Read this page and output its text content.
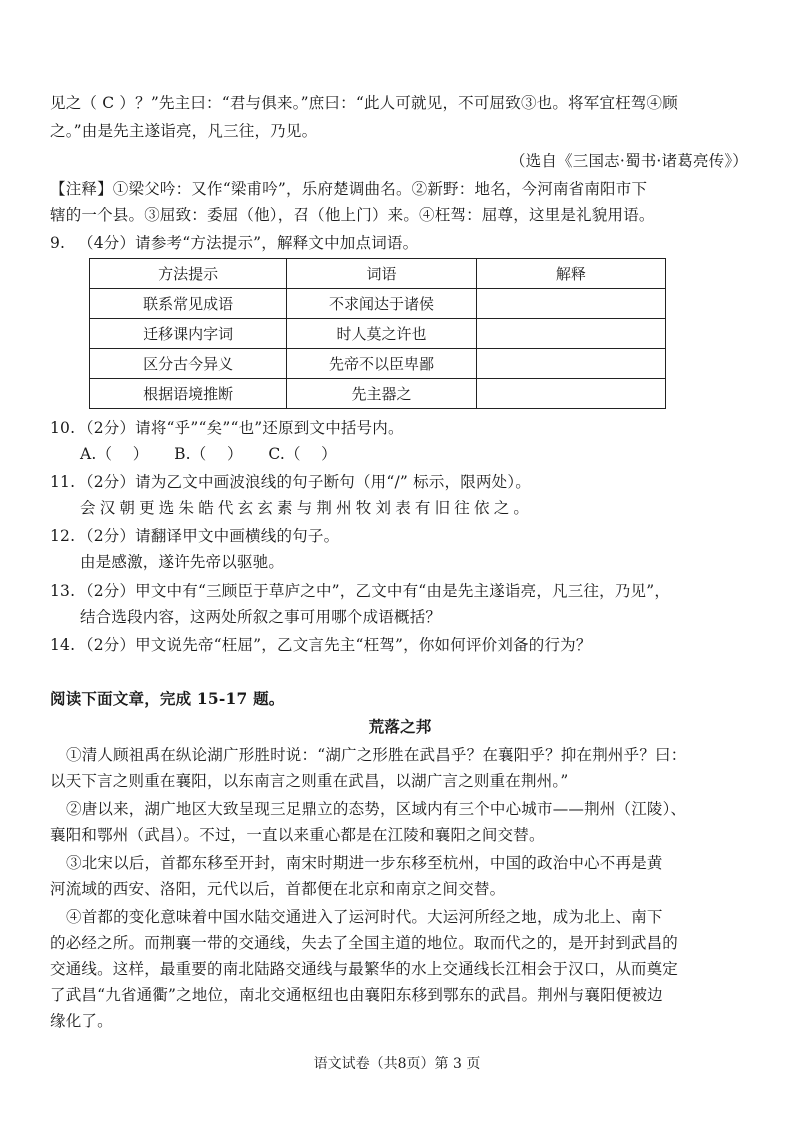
见之（ C ）？”先主曰：“君与俱来。”庶曰：“此人可就见，不可屈致③也。将军宜枉驾④顾
之。”由是先主遂诣亮，凡三往，乃见。
（选自《三国志·蜀书·诸葛亮传》）
【注释】①梁父吟：又作“梁甫吟”，乐府楚调曲名。②新野：地名，今河南省南阳市下
辖的一个县。③屈致：委屈（他），召（他上门）来。④枉驾：屈尊，这里是礼貌用语。
9. （4分）请参考“方法提示”，解释文中加点词语。
方法提示	词语	解释
联系常见成语	不求闻达于诸侯	
迁移课内字词	时人莫之许也	
区分古今异义	先帝不以臣卑鄙	
根据语境推断	先主器之	
10. （2分）请将“乎”“矣”“也”还原到文中括号内。
A.（    ）     B.（    ）     C.（    ）
11. （2分）请为乙文中画波浪线的句子断句（用“/” 标示，限两处）。
会汉朝更选朱皓代玄玄素与荆州牧刘表有旧往依之。
12. （2分）请翻译甲文中画横线的句子。
由是感激，遂许先帝以驱驰。
13. （2分）甲文中有“三顾臣于草庐之中”，乙文中有“由是先主遂诣亮，凡三往，乃见”，
结合选段内容，这两处所叙之事可用哪个成语概括？
14. （2分）甲文说先帝“枉屈”，乙文言先主“枉驾”，你如何评价刘备的行为？
阅读下面文章，完成 15-17 题。
荒落之邦
①清人顾祖禹在纵论湖广形胜时说：“湖广之形胜在武昌乎？在襄阳乎？抑在荆州乎？曰：
以天下言之则重在襄阳，以东南言之则重在武昌，以湖广言之则重在荆州。”
②唐以来，湖广地区大致呈现三足鼎立的态势，区域内有三个中心城市——荆州（江陵）、
襄阳和鄂州（武昌）。不过，一直以来重心都是在江陵和襄阳之间交替。
③北宋以后，首都东移至开封，南宋时期进一步东移至杭州，中国的政治中心不再是黄
河流域的西安、洛阳，元代以后，首都便在北京和南京之间交替。
④首都的变化意味着中国水陆交通进入了运河时代。大运河所经之地，成为北上、南下
的必经之所。而荆襄一带的交通线，失去了全国主道的地位。取而代之的，是开封到武昌的
交通线。这样，最重要的南北陆路交通线与最繁华的水上交通线长江相会于汉口，从而奠定
了武昌“九省通衢”之地位，南北交通枢纽也由襄阳东移到鄂东的武昌。荆州与襄阳便被边
缘化了。
语文试卷（共8页）第 3 页
